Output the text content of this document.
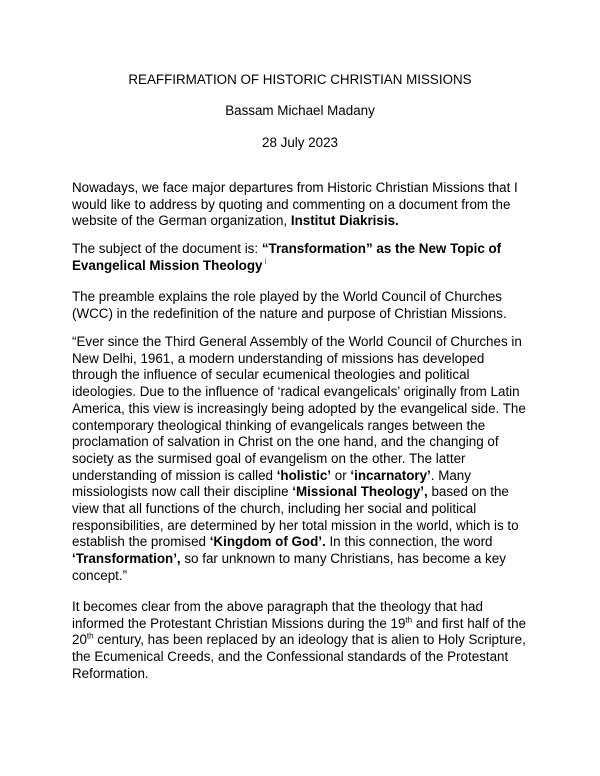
REAFFIRMATION OF HISTORIC CHRISTIAN MISSIONS
Bassam Michael Madany
28 July 2023

Nowadays, we face major departures from Historic Christian Missions that I would like to address by quoting and commenting on a document from the website of the German organization, Institut Diakrisis.

The subject of the document is: “Transformation” as the New Topic of Evangelical Mission Theology $^i$

The preamble explains the role played by the World Council of Churches (WCC) in the redefinition of the nature and purpose of Christian Missions.

“Ever since the Third General Assembly of the World Council of Churches in New Delhi, 1961, a modern understanding of missions has developed through the influence of secular ecumenical theologies and political ideologies. Due to the influence of ‘radical evangelicals’ originally from Latin America, this view is increasingly being adopted by the evangelical side. The contemporary theological thinking of evangelicals ranges between the proclamation of salvation in Christ on the one hand, and the changing of society as the surmised goal of evangelism on the other. The latter understanding of mission is called ‘holistic’ or ‘incarnatory’. Many missiologists now call their discipline ‘Missional Theology’, based on the view that all functions of the church, including her social and political responsibilities, are determined by her total mission in the world, which is to establish the promised ‘Kingdom of God’. In this connection, the word ‘Transformation’, so far unknown to many Christians, has become a key concept.”

It becomes clear from the above paragraph that the theology that had informed the Protestant Christian Missions during the 19th and first half of the 20th century, has been replaced by an ideology that is alien to Holy Scripture, the Ecumenical Creeds, and the Confessional standards of the Protestant Reformation.
